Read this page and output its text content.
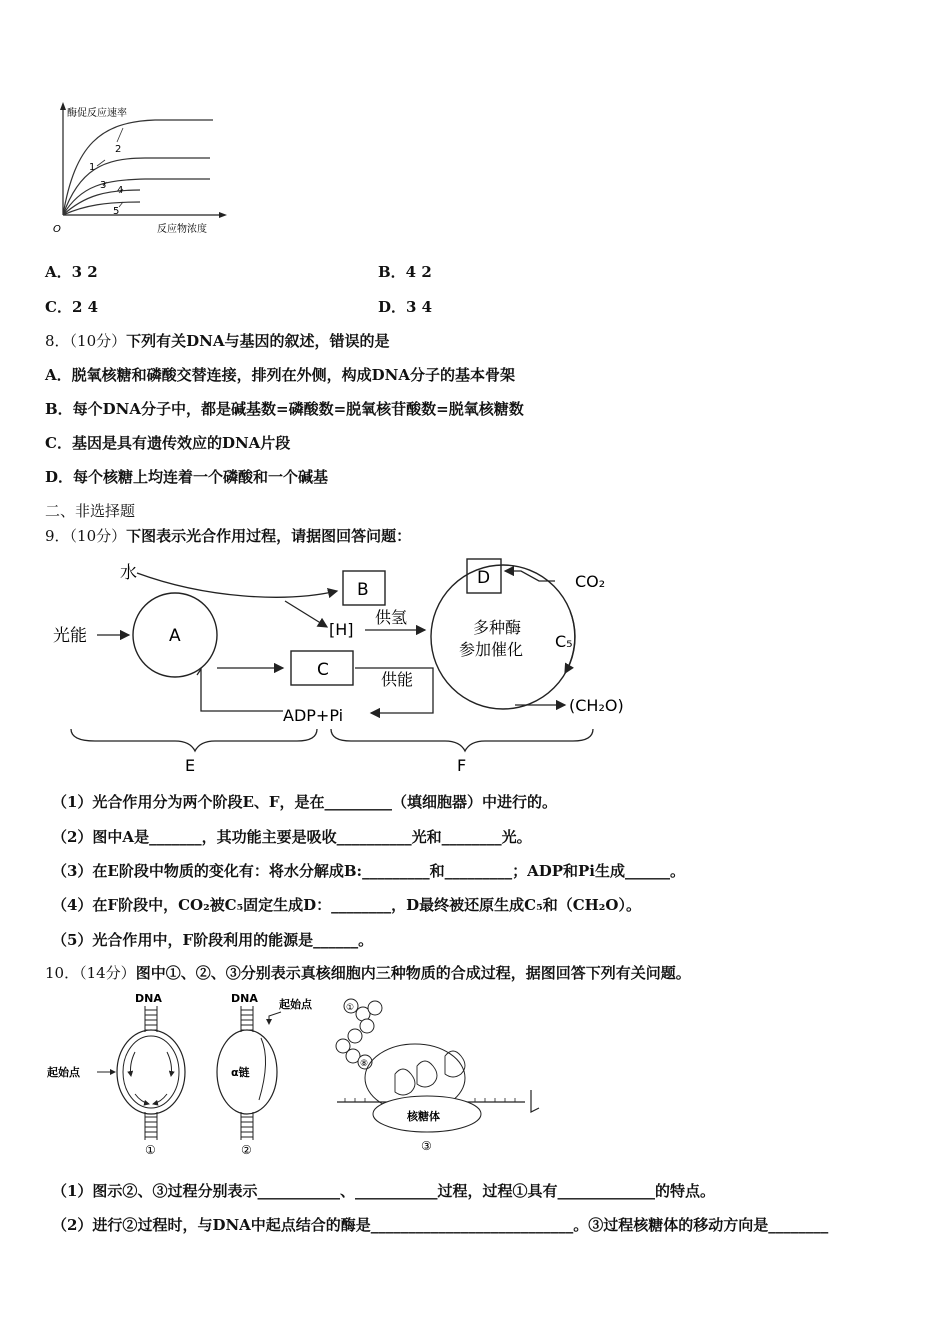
酶促反应速率
反应物浓度
O
2
1
3 4
5
A．3 2	B．4 2
C．2 4	D．3 4
8．（10分）下列有关DNA与基因的叙述，错误的是
A．脱氧核糖和磷酸交替连接，排列在外侧，构成DNA分子的基本骨架
B．每个DNA分子中，都是碱基数=磷酸数=脱氧核苷酸数=脱氧核糖数
C．基因是具有遗传效应的DNA片段
D．每个核糖上均连着一个磷酸和一个碱基
二、非选择题
9．（10分）下图表示光合作用过程，请据图回答问题：
水
光能	A
B
[H]
供氢
C
ADP+Pi
供能
多种酶
参加催化
D	CO₂
C₅
(CH₂O)
E	F
（1）光合作用分为两个阶段E、F，是在_________（填细胞器）中进行的。
（2）图中A是_______，其功能主要是吸收__________光和________光。
（3）在E阶段中物质的变化有：将水分解成B:_________和_________；ADP和Pi生成______。
（4）在F阶段中，CO₂被C₅固定生成D：________，D最终被还原生成C₅和（CH₂O）。
（5）光合作用中，F阶段利用的能源是______。
10．（14分）图中①、②、③分别表示真核细胞内三种物质的合成过程，据图回答下列有关问题。
DNA
起始点
①
DNA
α链
起始点
②
①
⑧
核糖体
③
（1）图示②、③过程分别表示___________、___________过程，过程①具有_____________的特点。
（2）进行②过程时，与DNA中起点结合的酶是___________________________。③过程核糖体的移动方向是________
